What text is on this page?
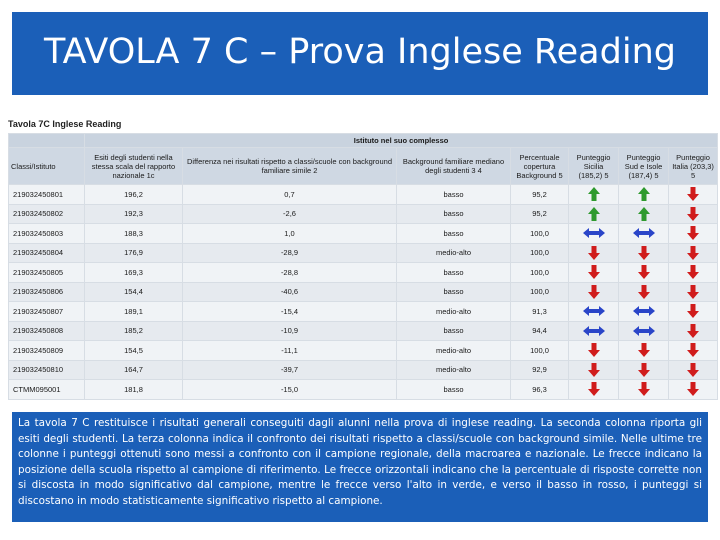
TAVOLA 7 C – Prova Inglese Reading
Tavola 7C Inglese Reading
	Istituto nel suo complesso						
Classi/Istituto	Esiti degli studenti nella stessa scala del rapporto nazionale 1c	Differenza nei risultati rispetto a classi/scuole con background familiare simile 2	Background familiare mediano degli studenti 3 4	Percentuale copertura Background 5	Punteggio Sicilia (185,2) 5	Punteggio Sud e Isole (187,4) 5	Punteggio Italia (203,3) 5
219032450801	196,2	0,7	basso	95,2			
219032450802	192,3	-2,6	basso	95,2			
219032450803	188,3	1,0	basso	100,0			
219032450804	176,9	-28,9	medio-alto	100,0			
219032450805	169,3	-28,8	basso	100,0			
219032450806	154,4	-40,6	basso	100,0			
219032450807	189,1	-15,4	medio-alto	91,3			
219032450808	185,2	-10,9	basso	94,4			
219032450809	154,5	-11,1	medio-alto	100,0			
219032450810	164,7	-39,7	medio-alto	92,9			
CTMM095001	181,8	-15,0	basso	96,3			
La tavola 7 C restituisce i risultati generali conseguiti dagli alunni nella prova di inglese reading. La seconda colonna riporta gli esiti degli studenti. La terza colonna indica il confronto dei risultati rispetto a classi/scuole con background simile. Nelle ultime tre colonne i punteggi ottenuti sono messi a confronto con il campione regionale, della macroarea e nazionale. Le frecce indicano la posizione della scuola rispetto al campione di riferimento. Le frecce orizzontali indicano che la percentuale di risposte corrette non si discosta in modo significativo dal campione, mentre le frecce verso l'alto in verde, e verso il basso in rosso, i punteggi si discostano in modo statisticamente significativo rispetto al campione.
